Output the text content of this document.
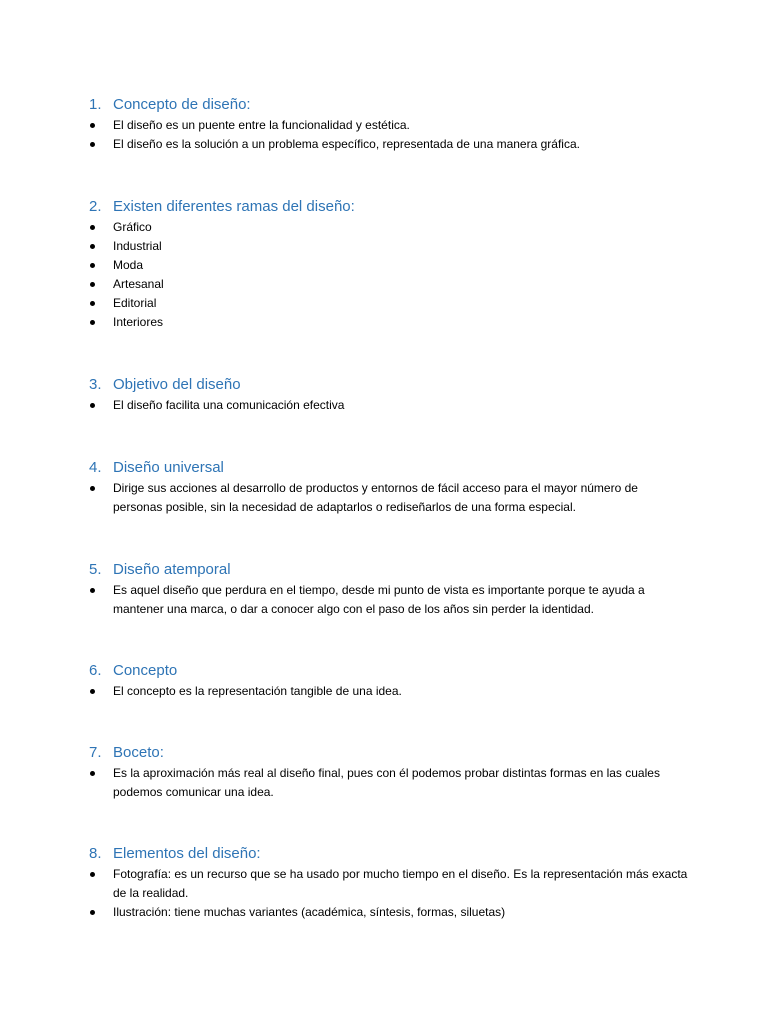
1. Concepto de diseño:
El diseño es un puente entre la funcionalidad y estética.
El diseño es la solución a un problema específico, representada de una manera gráfica.
2. Existen diferentes ramas del diseño:
Gráfico
Industrial
Moda
Artesanal
Editorial
Interiores
3. Objetivo del diseño
El diseño facilita una comunicación efectiva
4. Diseño universal
Dirige sus acciones al desarrollo de productos y entornos de fácil acceso para el mayor número de personas posible, sin la necesidad de adaptarlos o rediseñarlos de una forma especial.
5. Diseño atemporal
Es aquel diseño que perdura en el tiempo, desde mi punto de vista es importante porque te ayuda a mantener una marca, o dar a conocer algo con el paso de los años sin perder la identidad.
6. Concepto
El concepto es la representación tangible de una idea.
7. Boceto:
Es la aproximación más real al diseño final, pues con él podemos probar distintas formas en las cuales podemos comunicar una idea.
8. Elementos del diseño:
Fotografía: es un recurso que se ha usado por mucho tiempo en el diseño. Es la representación más exacta de la realidad.
Ilustración: tiene muchas variantes (académica, síntesis, formas, siluetas)
